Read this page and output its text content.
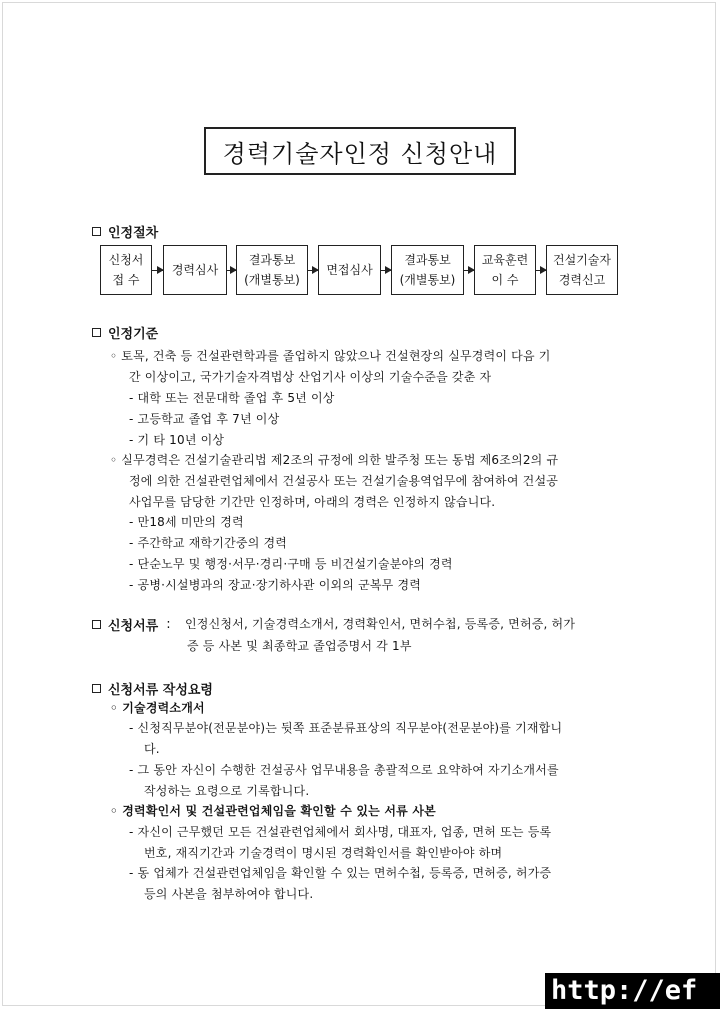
경력기술자인정 신청안내
인정절차
신청서
접 수
경력심사
결과통보
(개별통보)
면접심사
결과통보
(개별통보)
교육훈련
이 수
건설기술자
경력신고
인정기준
◦ 토목, 건축 등 건설관련학과를 졸업하지 않았으나 건설현장의 실무경력이 다음 기
간 이상이고, 국가기술자격법상 산업기사 이상의 기술수준을 갖춘 자
- 대학 또는 전문대학 졸업 후 5년 이상
- 고등학교 졸업 후 7년 이상
- 기 타 10년 이상
◦ 실무경력은 건설기술관리법 제2조의 규정에 의한 발주청 또는 동법 제6조의2의 규
정에 의한 건설관련업체에서 건설공사 또는 건설기술용역업무에 참여하여 건설공
사업무를 담당한 기간만 인정하며, 아래의 경력은 인정하지 않습니다.
- 만18세 미만의 경력
- 주간학교 재학기간중의 경력
- 단순노무 및 행정·서무·경리·구매 등 비건설기술분야의 경력
- 공병·시설병과의 장교·장기하사관 이외의 군복무 경력
신청서류 : 인정신청서, 기술경력소개서, 경력확인서, 면허수첩, 등록증, 면허증, 허가
증 등 사본 및 최종학교 졸업증명서 각 1부
신청서류 작성요령
◦ 기술경력소개서
- 신청직무분야(전문분야)는 뒷쪽 표준분류표상의 직무분야(전문분야)를 기재합니
다.
- 그 동안 자신이 수행한 건설공사 업무내용을 총괄적으로 요약하여 자기소개서를
작성하는 요령으로 기록합니다.
◦ 경력확인서 및 건설관련업체임을 확인할 수 있는 서류 사본
- 자신이 근무했던 모든 건설관련업체에서 회사명, 대표자, 업종, 면허 또는 등록
번호, 재직기간과 기술경력이 명시된 경력확인서를 확인받아야 하며
- 동 업체가 건설관련업체임을 확인할 수 있는 면허수첩, 등록증, 면허증, 허가증
등의 사본을 첨부하여야 합니다.
http://ef
